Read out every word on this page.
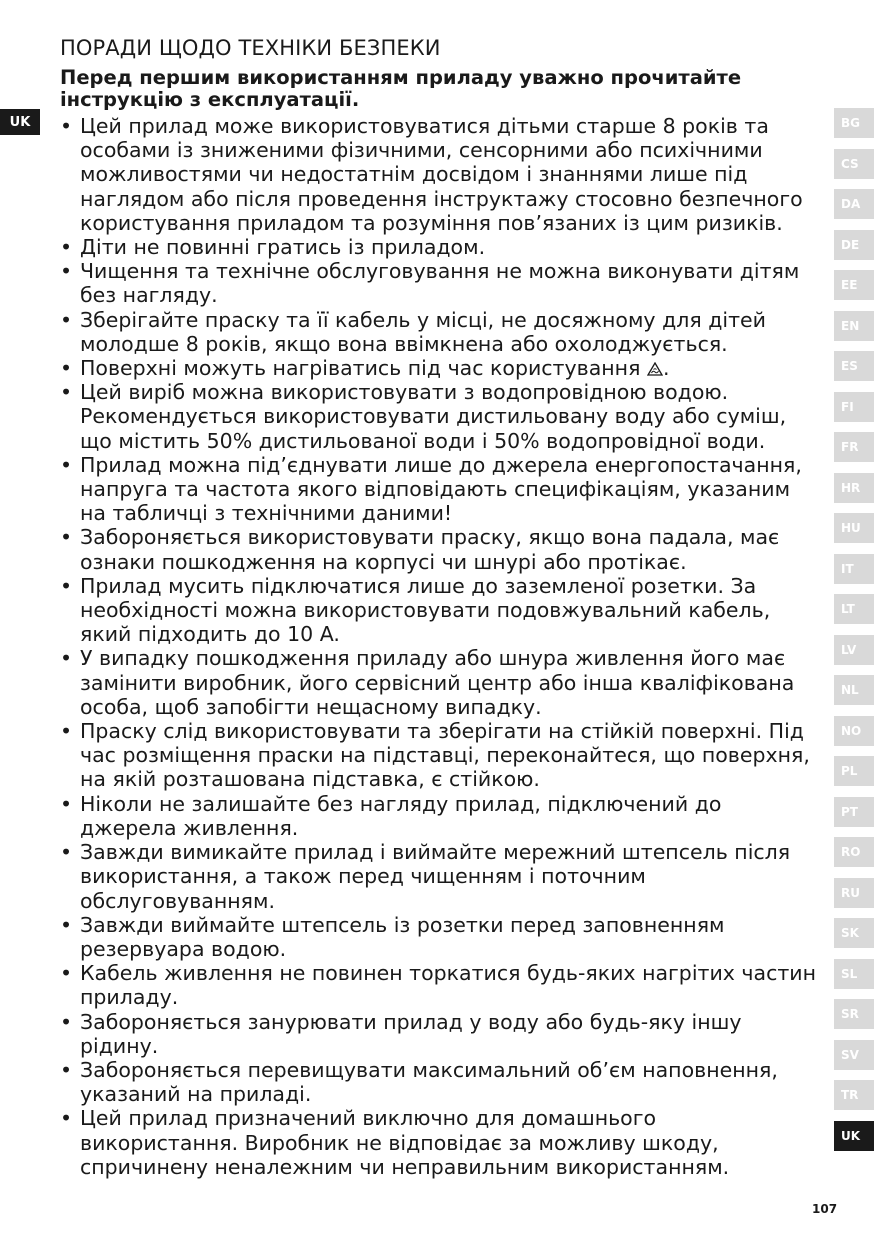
ПОРАДИ ЩОДО ТЕХНІКИ БЕЗПЕКИ

Перед першим використанням приладу уважно прочитайте інструкцію з експлуатації.

UK
•	Цей прилад може використовуватися дітьми старше 8 років та особами із зниженими фізичними, сенсорними або психічними можливостями чи недостатнім досвідом і знаннями лише під наглядом або після проведення інструктажу стосовно безпечного користування приладом та розуміння пов’язаних із цим ризиків.
• Діти не повинні гратись із приладом.
• Чищення та технічне обслуговування не можна виконувати дітям без нагляду.
• Зберігайте праску та її кабель у місці, не досяжному для дітей молодше 8 років, якщо вона ввімкнена або охолоджується.
• Поверхні можуть нагріватись під час користування .
• Цей виріб можна використовувати з водопровідною водою. Рекомендується використовувати дистильовану воду або суміш, що містить 50% дистильованої води і 50% водопровідної води.
• Прилад можна під’єднувати лише до джерела енергопостачання, напруга та частота якого відповідають специфікаціям, указаним на табличці з технічними даними!
• Забороняється використовувати праску, якщо вона падала, має ознаки пошкодження на корпусі чи шнурі або протікає.
• Прилад мусить підключатися лише до заземленої розетки. За необхідності можна використовувати подовжувальний кабель, який підходить до 10 A.
• У випадку пошкодження приладу або шнура живлення його має замінити виробник, його сервісний центр або інша кваліфікована особа, щоб запобігти нещасному випадку.
• Праску слід використовувати та зберігати на стійкій поверхні. Під час розміщення праски на підставці, переконайтеся, що поверхня, на якій розташована підставка, є стійкою.
• Ніколи не залишайте без нагляду прилад, підключений до джерела живлення.
• Завжди вимикайте прилад і виймайте мережний штепсель після використання, а також перед чищенням і поточним обслуговуванням.
• Завжди виймайте штепсель із розетки перед заповненням резервуара водою.
• Кабель живлення не повинен торкатися будь-яких нагрітих частин приладу.
• Забороняється занурювати прилад у воду або будь-яку іншу рідину.
• Забороняється перевищувати максимальний об’єм наповнення, указаний на приладі.
• Цей прилад призначений виключно для домашнього використання. Виробник не відповідає за можливу шкоду, спричинену неналежним чи неправильним використанням.
BG
CS
DA
DE
EE
EN
ES
FI
FR
HR
HU
IT
LT
LV
NL
NO
PL
PT
RO
RU
SK
SL
SR
SV
TR
UK
107
